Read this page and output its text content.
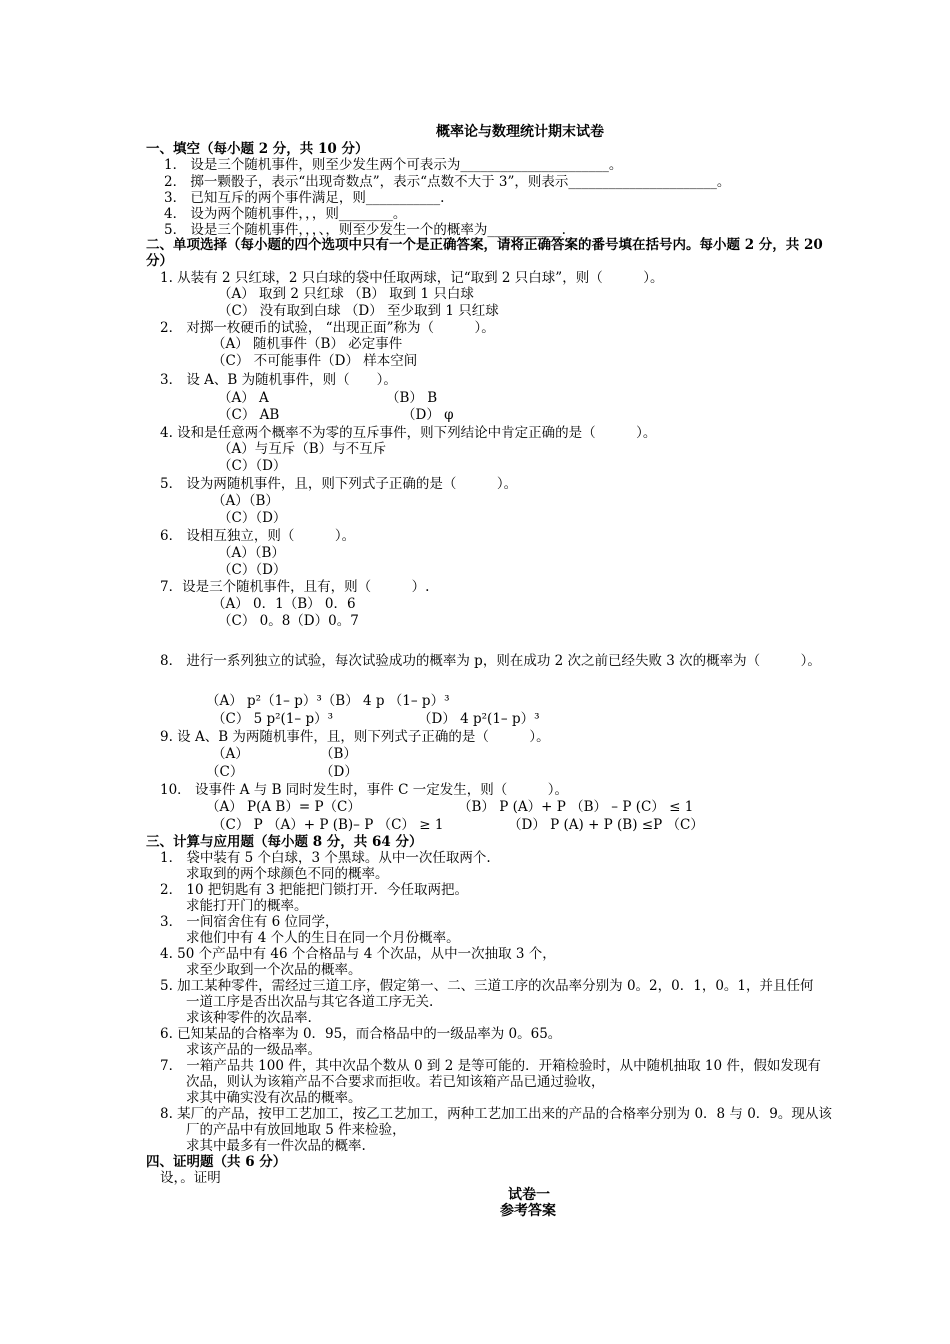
概率论与数理统计期末试卷
一、填空（每小题 2 分，共 10 分）
1． 设是三个随机事件，则至少发生两个可表示为______________________。
2． 掷一颗骰子，表示“出现奇数点”，表示“点数不大于 3”，则表示______________________。
3． 已知互斥的两个事件满足，则___________.
4． 设为两个随机事件，，，则________。
5． 设是三个随机事件，，，、，则至少发生一个的概率为___________.
二、单项选择（每小题的四个选项中只有一个是正确答案，请将正确答案的番号填在括号内。每小题 2 分，共 20
分）
1. 从装有 2 只红球，2 只白球的袋中任取两球，记“取到 2 只白球”，则（　　　）。
（A） 取到 2 只红球 （B） 取到 1 只白球
（C） 没有取到白球 （D） 至少取到 1 只红球
2． 对掷一枚硬币的试验， “出现正面”称为（　　　）。
（A） 随机事件（B） 必定事件
（C） 不可能事件（D） 样本空间
3． 设 A、B 为随机事件，则（　　）。
（A） A	（B） B
（C） AB	（D） φ
4. 设和是任意两个概率不为零的互斥事件，则下列结论中肯定正确的是（　　　）。
（A）与互斥（B）与不互斥
（C）（D）
5． 设为两随机事件，且，则下列式子正确的是（　　　）。
（A）（B）
（C）（D）
6． 设相互独立，则（　　　）。
（A）（B）
（C）（D）
7．设是三个随机事件，且有，则（　　　）.
（A） 0．1（B） 0．6
（C） 0。8（D）0。7
8． 进行一系列独立的试验，每次试验成功的概率为 p，则在成功 2 次之前已经失败 3 次的概率为（　　　）。
（A） p²（1– p）³（B） 4 p （1– p）³
（C） 5 p²(1– p）³	（D） 4 p²(1– p）³
9. 设 A、B 为两随机事件，且，则下列式子正确的是（　　　）。
（A）	（B）
（C）	（D）
10． 设事件 A 与 B 同时发生时，事件 C 一定发生，则（　　　）。
（A） P(A B）= P（C）	（B） P (A）+ P （B） – P (C） ≤ 1
（C） P （A）+ P (B)– P （C） ≥ 1	（D） P (A) + P (B) ≤P （C）
三、计算与应用题（每小题 8 分，共 64 分）
1． 袋中装有 5 个白球，3 个黑球。从中一次任取两个.
求取到的两个球颜色不同的概率。
2． 10 把钥匙有 3 把能把门锁打开．今任取两把。
求能打开门的概率。
3． 一间宿舍住有 6 位同学，
求他们中有 4 个人的生日在同一个月份概率。
4. 50 个产品中有 46 个合格品与 4 个次品，从中一次抽取 3 个，
求至少取到一个次品的概率。
5. 加工某种零件，需经过三道工序，假定第一、二、三道工序的次品率分别为 0。2，0．1，0。1，并且任何
一道工序是否出次品与其它各道工序无关.
求该种零件的次品率.
6. 已知某品的合格率为 0．95，而合格品中的一级品率为 0。65。
求该产品的一级品率。
7． 一箱产品共 100 件，其中次品个数从 0 到 2 是等可能的．开箱检验时，从中随机抽取 10 件，假如发现有
次品，则认为该箱产品不合要求而拒收。若已知该箱产品已通过验收，
求其中确实没有次品的概率。
8. 某厂的产品，按甲工艺加工，按乙工艺加工，两种工艺加工出来的产品的合格率分别为 0．8 与 0．9。现从该
厂的产品中有放回地取 5 件来检验，
求其中最多有一件次品的概率.
四、证明题（共 6 分）
设，。证明
试卷一
参考答案
